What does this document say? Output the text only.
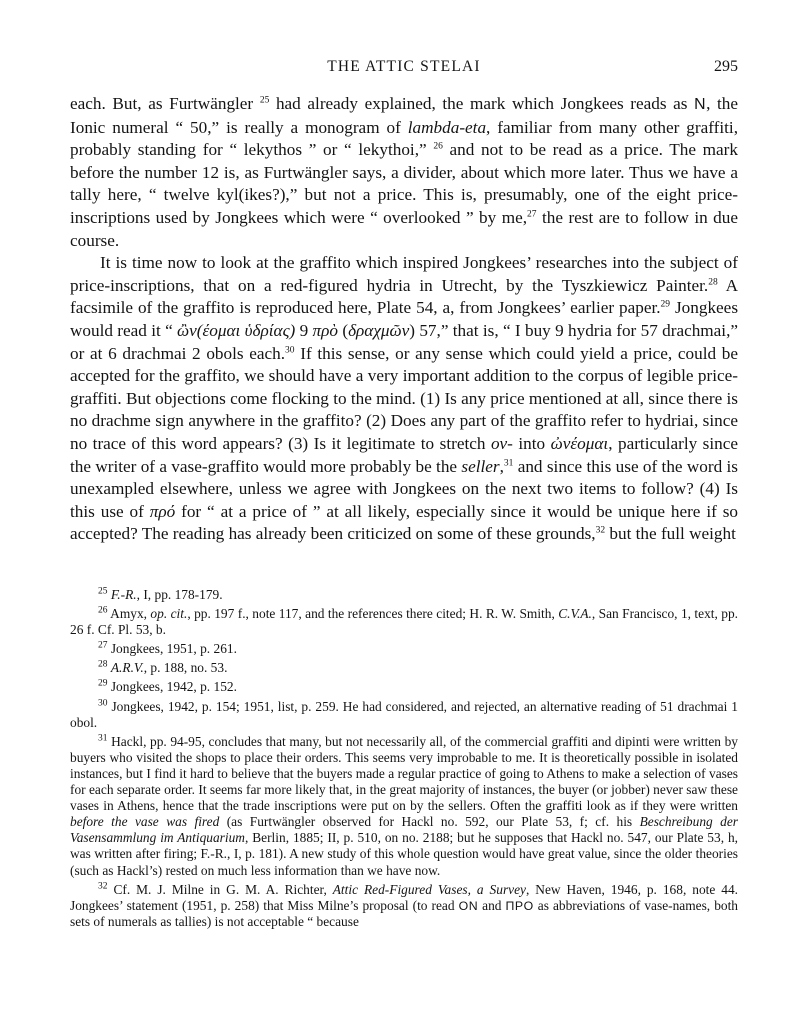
THE ATTIC STELAI	295

each. But, as Furtwängler $^{25}$ had already explained, the mark which Jongkees reads as N, the Ionic numeral “ 50,” is really a monogram of lambda-eta, familiar from many other graffiti, probably standing for “ lekythos ” or “ lekythoi,” $^{26}$ and not to be read as a price. The mark before the number 12 is, as Furtwängler says, a divider, about which more later. Thus we have a tally here, “ twelve kyl(ikes?),” but not a price. This is, presumably, one of the eight price-inscriptions used by Jongkees which were “ overlooked ” by me,$^{27}$ the rest are to follow in due course.

It is time now to look at the graffito which inspired Jongkees’ researches into the subject of price-inscriptions, that on a red-figured hydria in Utrecht, by the Tyszkiewicz Painter.$^{28}$ A facsimile of the graffito is reproduced here, Plate 54, a, from Jongkees’ earlier paper.$^{29}$ Jongkees would read it “ ὢν(έομαι ὑδρίας) 9 πρὸ (δραχμῶν) 57,” that is, “ I buy 9 hydria for 57 drachmai,” or at 6 drachmai 2 obols each.$^{30}$ If this sense, or any sense which could yield a price, could be accepted for the graffito, we should have a very important addition to the corpus of legible price-graffiti. But objections come flocking to the mind. (1) Is any price mentioned at all, since there is no drachme sign anywhere in the graffito? (2) Does any part of the graffito refer to hydriai, since no trace of this word appears? (3) Is it legitimate to stretch ον- into ὠνέομαι, particularly since the writer of a vase-graffito would more probably be the seller,$^{31}$ and since this use of the word is unexampled elsewhere, unless we agree with Jongkees on the next two items to follow? (4) Is this use of πρό for “ at a price of ” at all likely, especially since it would be unique here if so accepted? The reading has already been criticized on some of these grounds,$^{32}$ but the full weight

$^{25}$ F.-R., I, pp. 178-179.

$^{26}$ Amyx, op. cit., pp. 197 f., note 117, and the references there cited; H. R. W. Smith, C.V.A., San Francisco, 1, text, pp. 26 f. Cf. Pl. 53, b.

$^{27}$ Jongkees, 1951, p. 261.

$^{28}$ A.R.V., p. 188, no. 53.

$^{29}$ Jongkees, 1942, p. 152.

$^{30}$ Jongkees, 1942, p. 154; 1951, list, p. 259. He had considered, and rejected, an alternative reading of 51 drachmai 1 obol.

$^{31}$ Hackl, pp. 94-95, concludes that many, but not necessarily all, of the commercial graffiti and dipinti were written by buyers who visited the shops to place their orders. This seems very improbable to me. It is theoretically possible in isolated instances, but I find it hard to believe that the buyers made a regular practice of going to Athens to make a selection of vases for each separate order. It seems far more likely that, in the great majority of instances, the buyer (or jobber) never saw these vases in Athens, hence that the trade inscriptions were put on by the sellers. Often the graffiti look as if they were written before the vase was fired (as Furtwängler observed for Hackl no. 592, our Plate 53, f; cf. his Beschreibung der Vasensammlung im Antiquarium, Berlin, 1885; II, p. 510, on no. 2188; but he supposes that Hackl no. 547, our Plate 53, h, was written after firing; F.-R., I, p. 181). A new study of this whole question would have great value, since the older theories (such as Hackl’s) rested on much less information than we have now.

$^{32}$ Cf. M. J. Milne in G. M. A. Richter, Attic Red-Figured Vases, a Survey, New Haven, 1946, p. 168, note 44. Jongkees’ statement (1951, p. 258) that Miss Milne’s proposal (to read ON and ΠPO as abbreviations of vase-names, both sets of numerals as tallies) is not acceptable “ because
